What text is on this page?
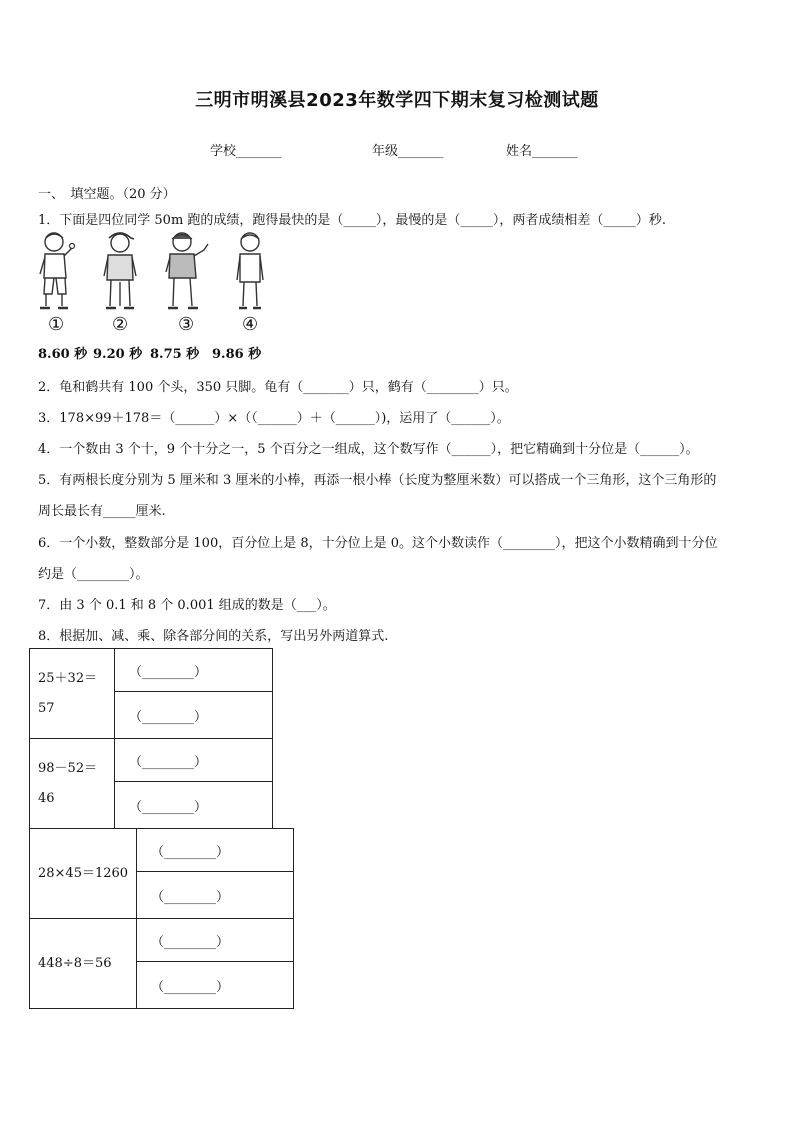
三明市明溪县2023年数学四下期末复习检测试题
学校_______	年级_______	姓名_______
一、　填空题。（20 分）
1．下面是四位同学 50m 跑的成绩，跑得最快的是（_____），最慢的是（_____），两者成绩相差（_____）秒.
①	②	③	④
8.60 秒 9.20 秒 8.75 秒 9.86 秒
2．龟和鹤共有 100 个头，350 只脚。龟有（_______）只，鹤有（________）只。
3．178×99＋178＝（______）×（（______）＋（______）)，运用了（______）。
4．一个数由 3 个十，9 个十分之一，5 个百分之一组成，这个数写作（______），把它精确到十分位是（______）。
5．有两根长度分别为 5 厘米和 3 厘米的小棒，再添一根小棒（长度为整厘米数）可以搭成一个三角形，这个三角形的
周长最长有_____厘米.
6．一个小数，整数部分是 100，百分位上是 8，十分位上是 0。这个小数读作（________），把这个小数精确到十分位
约是（________）。
7．由 3 个 0.1 和 8 个 0.001 组成的数是（___）。
8．根据加、减、乘、除各部分间的关系，写出另外两道算式.
25＋32＝
57	（________）
	（________）

98－52＝
46	（________）
	（________）
28×45＝1260	（________）
	（________）
448÷8＝56	（________）
	（________）
